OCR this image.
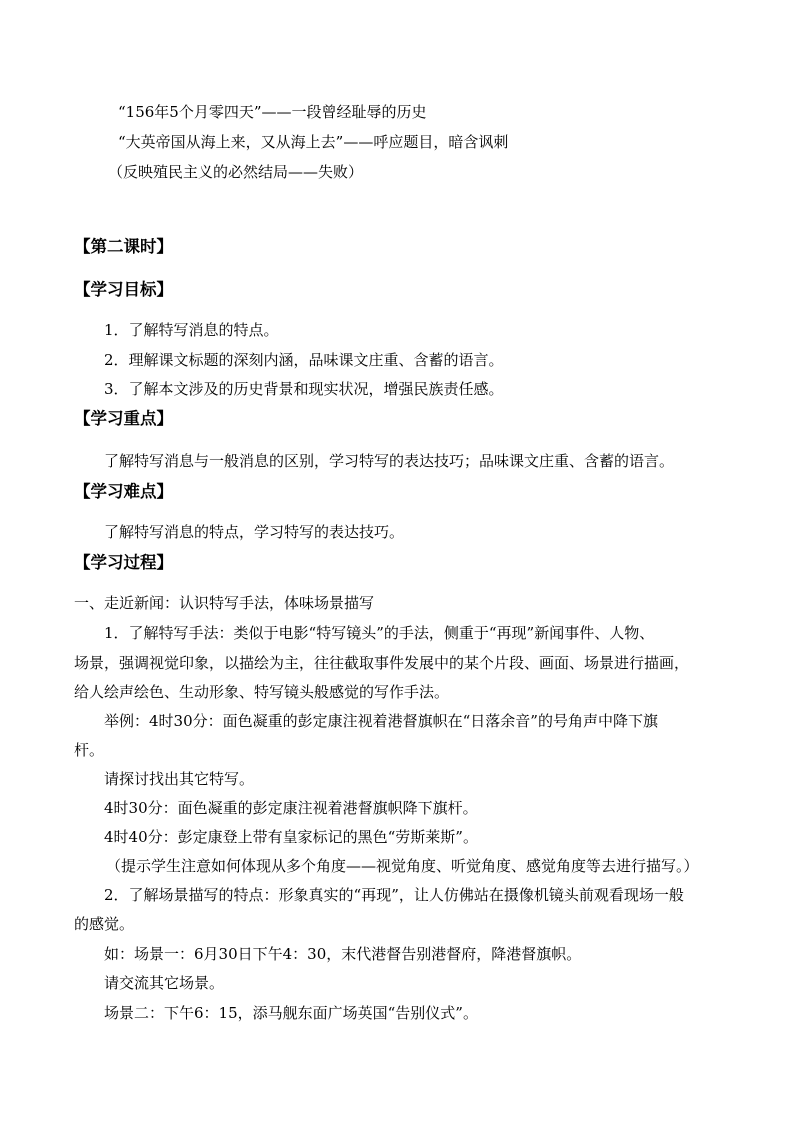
“156年5个月零四天”——一段曾经耻辱的历史
“大英帝国从海上来，又从海上去”——呼应题目，暗含讽刺
（反映殖民主义的必然结局——失败）
【第二课时】
【学习目标】
1．了解特写消息的特点。
2．理解课文标题的深刻内涵，品味课文庄重、含蓄的语言。
3．了解本文涉及的历史背景和现实状况，增强民族责任感。
【学习重点】
了解特写消息与一般消息的区别，学习特写的表达技巧；品味课文庄重、含蓄的语言。
【学习难点】
了解特写消息的特点，学习特写的表达技巧。
【学习过程】
一、走近新闻：认识特写手法，体味场景描写
1．了解特写手法：类似于电影“特写镜头”的手法，侧重于“再现”新闻事件、人物、
场景，强调视觉印象，以描绘为主，往往截取事件发展中的某个片段、画面、场景进行描画，
给人绘声绘色、生动形象、特写镜头般感觉的写作手法。
举例：4时30分：面色凝重的彭定康注视着港督旗帜在“日落余音”的号角声中降下旗
杆。
请探讨找出其它特写。
4时30分：面色凝重的彭定康注视着港督旗帜降下旗杆。
4时40分：彭定康登上带有皇家标记的黑色“劳斯莱斯”。
（提示学生注意如何体现从多个角度——视觉角度、听觉角度、感觉角度等去进行描写。）
2．了解场景描写的特点：形象真实的“再现”，让人仿佛站在摄像机镜头前观看现场一般
的感觉。
如：场景一：6月30日下午4：30，末代港督告别港督府，降港督旗帜。
请交流其它场景。
场景二：下午6：15，添马舰东面广场英国“告别仪式”。
